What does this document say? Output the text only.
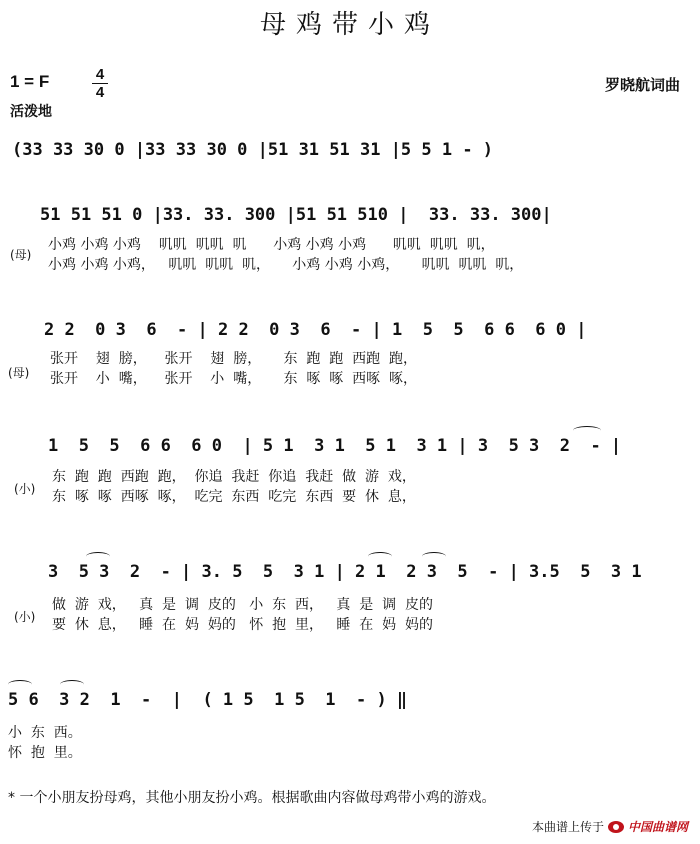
母鸡带小鸡
1 = F	4
4
活泼地
罗晓航词曲
(33 33 30 0 |33 33 30 0 |51 31 51 31 |5 5 1 - )
51 51 51 0 |33. 33. 300 |51 51 510 |  33. 33. 300|
(母)
小鸡 小鸡 小鸡    叽叽  叽叽  叽      小鸡 小鸡 小鸡      叽叽  叽叽  叽，
小鸡 小鸡 小鸡，   叽叽  叽叽  叽，     小鸡 小鸡 小鸡，     叽叽  叽叽  叽，
2 2  0 3  6  - | 2 2  0 3  6  - | 1  5  5  6 6  6 0 |
(母)
张开    翅  膀，    张开    翅  膀，     东  跑  跑  西跑  跑，
张开    小  嘴，    张开    小  嘴，     东  啄  啄  西啄  啄，
1  5  5  6 6  6 0  | 5 1  3 1  5 1  3 1 | 3  5 3  2  - |
(小)
东  跑  跑  西跑  跑，  你追  我赶  你追  我赶  做  游  戏，
东  啄  啄  西啄  啄，  吃完  东西  吃完  东西  要  休  息，
3  5 3  2  - | 3. 5  5  3 1 | 2 1  2 3  5  - | 3.5  5  3 1
(小)
做  游  戏，   真  是  调  皮的   小  东  西，   真  是  调  皮的
要  休  息，   睡  在  妈  妈的   怀  抱  里，   睡  在  妈  妈的
5 6  3 2  1  -  |  ( 1 5  1 5  1  - ) ‖
小  东  西。
怀  抱  里。
* 一个小朋友扮母鸡，其他小朋友扮小鸡。根据歌曲内容做母鸡带小鸡的游戏。
本曲谱上传于 中国曲谱网
